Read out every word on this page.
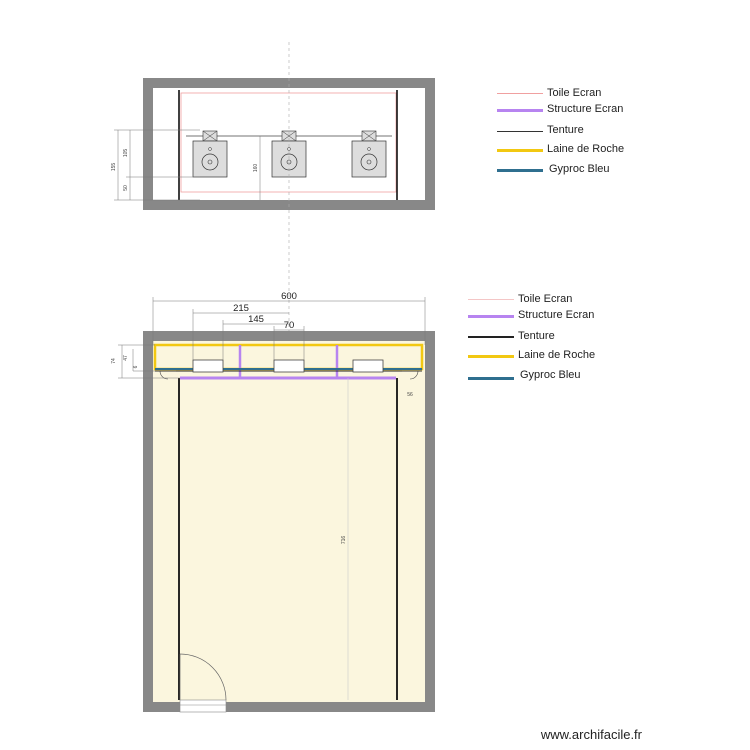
155
105
50
160
600
215
145
70
74
47
6
56
716
Toile Ecran
Structure Ecran
Tenture
Laine de Roche
Gyproc Bleu
Toile Ecran
Structure Ecran
Tenture
Laine de Roche
Gyproc Bleu
www.archifacile.fr
